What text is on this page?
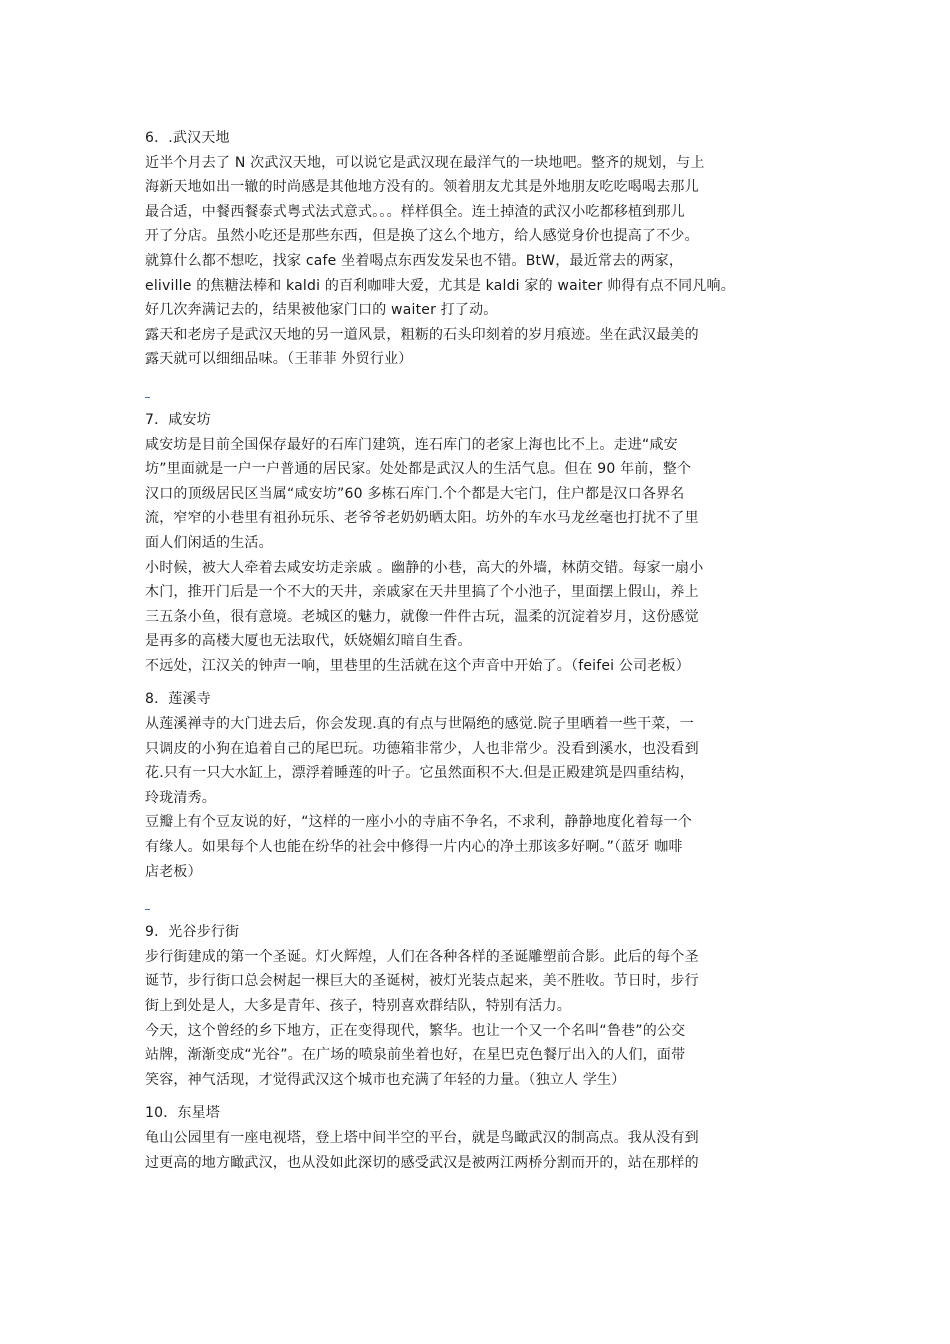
6．.武汉天地
近半个月去了 N 次武汉天地，可以说它是武汉现在最洋气的一块地吧。整齐的规划，与上
海新天地如出一辙的时尚感是其他地方没有的。领着朋友尤其是外地朋友吃吃喝喝去那儿
最合适，中餐西餐泰式粤式法式意式。。。样样俱全。连土掉渣的武汉小吃都移植到那儿
开了分店。虽然小吃还是那些东西，但是换了这么个地方，给人感觉身价也提高了不少。
就算什么都不想吃，找家 cafe 坐着喝点东西发发呆也不错。BtW，最近常去的两家，
eliville 的焦糖法棒和 kaldi 的百利咖啡大爱，尤其是 kaldi 家的 waiter 帅得有点不同凡响。
好几次奔满记去的，结果被他家门口的 waiter 打了动。
露天和老房子是武汉天地的另一道风景，粗粝的石头印刻着的岁月痕迹。坐在武汉最美的
露天就可以细细品味。（王菲菲 外贸行业）
7．咸安坊
咸安坊是目前全国保存最好的石库门建筑，连石库门的老家上海也比不上。走进“咸安
坊”里面就是一户一户普通的居民家。处处都是武汉人的生活气息。但在 90 年前，整个
汉口的顶级居民区当属“咸安坊”60 多栋石库门.个个都是大宅门，住户都是汉口各界名
流，窄窄的小巷里有祖孙玩乐、老爷爷老奶奶晒太阳。坊外的车水马龙丝毫也打扰不了里
面人们闲适的生活。
小时候，被大人牵着去咸安坊走亲戚 。幽静的小巷，高大的外墙，林荫交错。每家一扇小
木门，推开门后是一个不大的天井，亲戚家在天井里搞了个小池子，里面摆上假山，养上
三五条小鱼，很有意境。老城区的魅力，就像一件件古玩，温柔的沉淀着岁月，这份感觉
是再多的高楼大厦也无法取代，妖娆媚幻暗自生香。
不远处，江汉关的钟声一响，里巷里的生活就在这个声音中开始了。（feifei 公司老板）
8．莲溪寺
从莲溪禅寺的大门进去后，你会发现.真的有点与世隔绝的感觉.院子里晒着一些干菜，一
只调皮的小狗在追着自己的尾巴玩。功德箱非常少，人也非常少。没看到溪水，也没看到
花.只有一只大水缸上，漂浮着睡莲的叶子。它虽然面积不大.但是正殿建筑是四重结构，
玲珑清秀。
豆瓣上有个豆友说的好，“这样的一座小小的寺庙不争名，不求利，静静地度化着每一个
有缘人。如果每个人也能在纷华的社会中修得一片内心的净土那该多好啊。”（蓝牙 咖啡
店老板）
9．光谷步行街
步行街建成的第一个圣诞。灯火辉煌，人们在各种各样的圣诞雕塑前合影。此后的每个圣
诞节，步行街口总会树起一棵巨大的圣诞树，被灯光装点起来，美不胜收。节日时，步行
街上到处是人，大多是青年、孩子，特别喜欢群结队，特别有活力。
今天，这个曾经的乡下地方，正在变得现代，繁华。也让一个又一个名叫“鲁巷”的公交
站牌，渐渐变成“光谷”。在广场的喷泉前坐着也好，在星巴克色餐厅出入的人们，面带
笑容，神气活现，才觉得武汉这个城市也充满了年轻的力量。（独立人 学生）
10．东星塔
龟山公园里有一座电视塔，登上塔中间半空的平台，就是鸟瞰武汉的制高点。我从没有到
过更高的地方瞰武汉，也从没如此深切的感受武汉是被两江两桥分割而开的，站在那样的
